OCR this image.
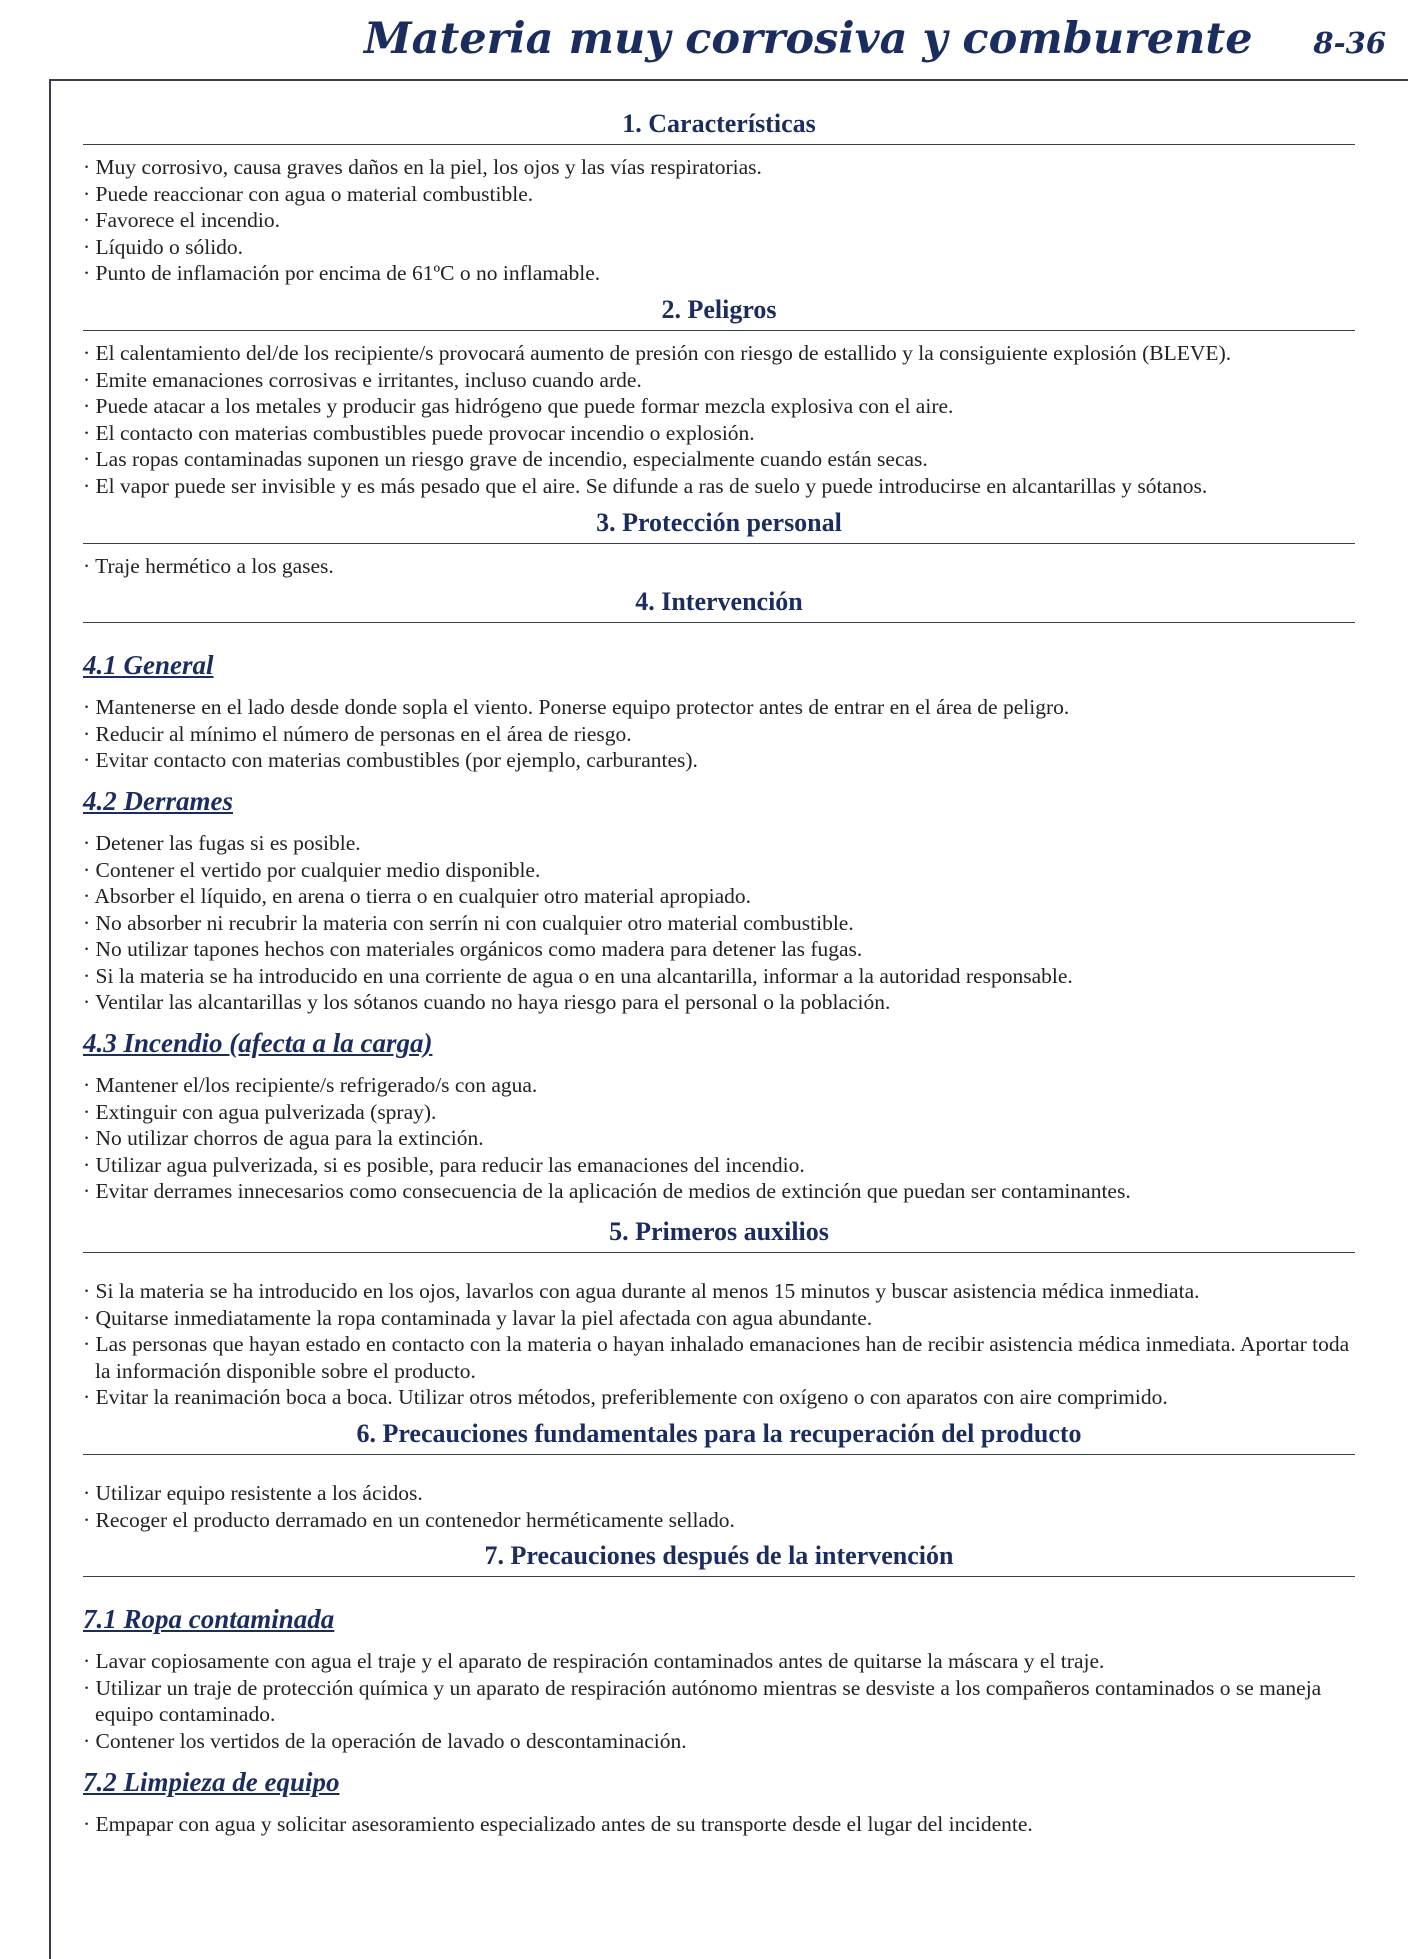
Materia muy corrosiva y comburente 8-36
1. Características
· Muy corrosivo, causa graves daños en la piel, los ojos y las vías respiratorias.
· Puede reaccionar con agua o material combustible.
· Favorece el incendio.
· Líquido o sólido.
· Punto de inflamación por encima de 61ºC o no inflamable.
2. Peligros
· El calentamiento del/de los recipiente/s provocará aumento de presión con riesgo de estallido y la consiguiente explosión (BLEVE).
· Emite emanaciones corrosivas e irritantes, incluso cuando arde.
· Puede atacar a los metales y producir gas hidrógeno que puede formar mezcla explosiva con el aire.
· El contacto con materias combustibles puede provocar incendio o explosión.
· Las ropas contaminadas suponen un riesgo grave de incendio, especialmente cuando están secas.
· El vapor puede ser invisible y es más pesado que el aire. Se difunde a ras de suelo y puede introducirse en alcantarillas y sótanos.
3. Protección personal
· Traje hermético a los gases.
4. Intervención
4.1 General
· Mantenerse en el lado desde donde sopla el viento. Ponerse equipo protector antes de entrar en el área de peligro.
· Reducir al mínimo el número de personas en el área de riesgo.
· Evitar contacto con materias combustibles (por ejemplo, carburantes).
4.2 Derrames
· Detener las fugas si es posible.
· Contener el vertido por cualquier medio disponible.
· Absorber el líquido, en arena o tierra o en cualquier otro material apropiado.
· No absorber ni recubrir la materia con serrín ni con cualquier otro material combustible.
· No utilizar tapones hechos con materiales orgánicos como madera para detener las fugas.
· Si la materia se ha introducido en una corriente de agua o en una alcantarilla, informar a la autoridad responsable.
· Ventilar las alcantarillas y los sótanos cuando no haya riesgo para el personal o la población.
4.3 Incendio (afecta a la carga)
· Mantener el/los recipiente/s refrigerado/s con agua.
· Extinguir con agua pulverizada (spray).
· No utilizar chorros de agua para la extinción.
· Utilizar agua pulverizada, si es posible, para reducir las emanaciones del incendio.
· Evitar derrames innecesarios como consecuencia de la aplicación de medios de extinción que puedan ser contaminantes.
5. Primeros auxilios
· Si la materia se ha introducido en los ojos, lavarlos con agua durante al menos 15 minutos y buscar asistencia médica inmediata.
· Quitarse inmediatamente la ropa contaminada y lavar la piel afectada con agua abundante.
· Las personas que hayan estado en contacto con la materia o hayan inhalado emanaciones han de recibir asistencia médica inmediata. Aportar toda la información disponible sobre el producto.
· Evitar la reanimación boca a boca. Utilizar otros métodos, preferiblemente con oxígeno o con aparatos con aire comprimido.
6. Precauciones fundamentales para la recuperación del producto
· Utilizar equipo resistente a los ácidos.
· Recoger el producto derramado en un contenedor herméticamente sellado.
7. Precauciones después de la intervención
7.1 Ropa contaminada
· Lavar copiosamente con agua el traje y el aparato de respiración contaminados antes de quitarse la máscara y el traje.
· Utilizar un traje de protección química y un aparato de respiración autónomo mientras se desviste a los compañeros contaminados o se maneja equipo contaminado.
· Contener los vertidos de la operación de lavado o descontaminación.
7.2 Limpieza de equipo
· Empapar con agua y solicitar asesoramiento especializado antes de su transporte desde el lugar del incidente.
